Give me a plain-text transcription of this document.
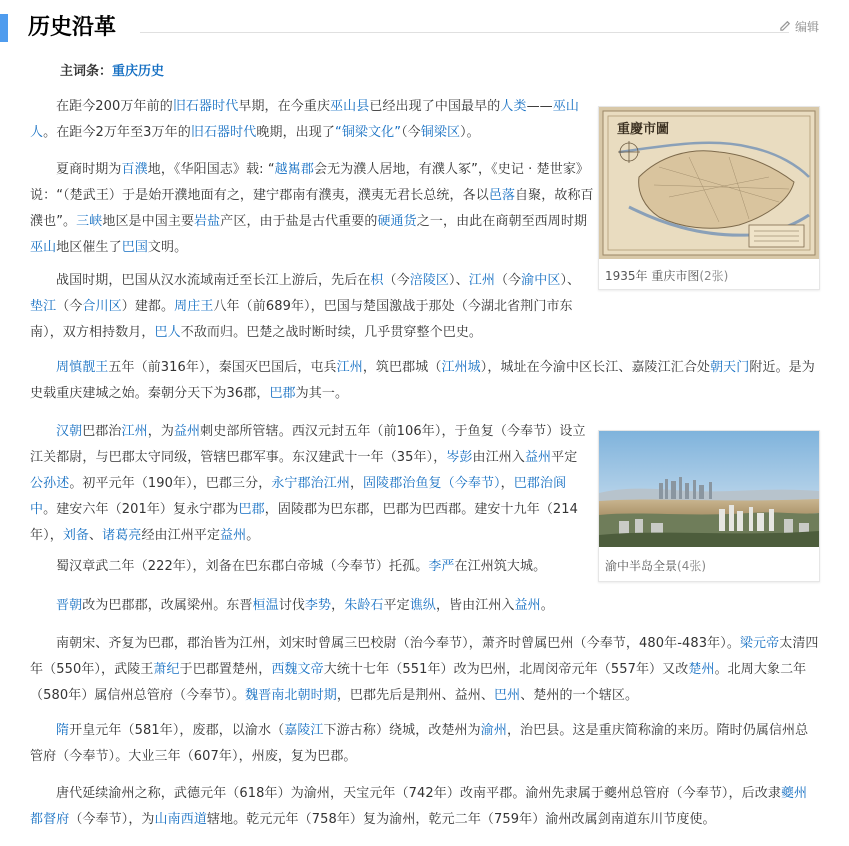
历史沿革	编辑
主词条：重庆历史
重慶市圖
1935年 重庆市图(2张)
渝中半岛全景(4张)

在距今200万年前的旧石器时代早期，在今重庆巫山县已经出现了中国最早的人类——巫山人。在距今2万年至3万年的旧石器时代晚期，出现了“铜梁文化”（今铜梁区）。

夏商时期为百濮地，《华阳国志》载: “越嶲郡会无为濮人居地，有濮人冢”，《史记 · 楚世家》说：“（楚武王）于是始开濮地面有之，建宁郡南有濮夷，濮夷无君长总统，各以邑落自聚，故称百濮也”。三峡地区是中国主要岩盐产区，由于盐是古代重要的硬通货之一，由此在商朝至西周时期巫山地区催生了巴国文明。

战国时期，巴国从汉水流域南迁至长江上游后，先后在枳（今涪陵区）、江州（今渝中区）、垫江（今合川区）建都。周庄王八年（前689年），巴国与楚国激战于那处（今湖北省荆门市东南），双方相持数月，巴人不敌而归。巴楚之战时断时续，几乎贯穿整个巴史。

周慎靓王五年（前316年），秦国灭巴国后，屯兵江州，筑巴郡城（江州城），城址在今渝中区长江、嘉陵江汇合处朝天门附近。是为史载重庆建城之始。秦朝分天下为36郡，巴郡为其一。

汉朝巴郡治江州，为益州刺史部所管辖。西汉元封五年（前106年），于鱼复（今奉节）设立江关都尉，与巴郡太守同级，管辖巴郡军事。东汉建武十一年（35年），岑彭由江州入益州平定公孙述。初平元年（190年），巴郡三分，永宁郡治江州，固陵郡治鱼复（今奉节），巴郡治阆中。建安六年（201年）复永宁郡为巴郡，固陵郡为巴东郡，巴郡为巴西郡。建安十九年（214年），刘备、诸葛亮经由江州平定益州。

蜀汉章武二年（222年），刘备在巴东郡白帝城（今奉节）托孤。李严在江州筑大城。

晋朝改为巴郡郡，改属梁州。东晋桓温讨伐李势，朱龄石平定谯纵，皆由江州入益州。

南朝宋、齐复为巴郡，郡治皆为江州，刘宋时曾属三巴校尉（治今奉节），萧齐时曾属巴州（今奉节，480年-483年）。梁元帝太清四年（550年），武陵王萧纪于巴郡置楚州，西魏文帝大统十七年（551年）改为巴州，北周闵帝元年（557年）又改楚州。北周大象二年（580年）属信州总管府（今奉节）。魏晋南北朝时期，巴郡先后是荆州、益州、巴州、楚州的一个辖区。

隋开皇元年（581年），废郡，以渝水（嘉陵江下游古称）绕城，改楚州为渝州，治巴县。这是重庆简称渝的来历。隋时仍属信州总管府（今奉节）。大业三年（607年），州废，复为巴郡。

唐代延续渝州之称，武德元年（618年）为渝州，天宝元年（742年）改南平郡。渝州先隶属于夔州总管府（今奉节），后改隶夔州都督府（今奉节），为山南西道辖地。乾元元年（758年）复为渝州，乾元二年（759年）渝州改属剑南道东川节度使。
